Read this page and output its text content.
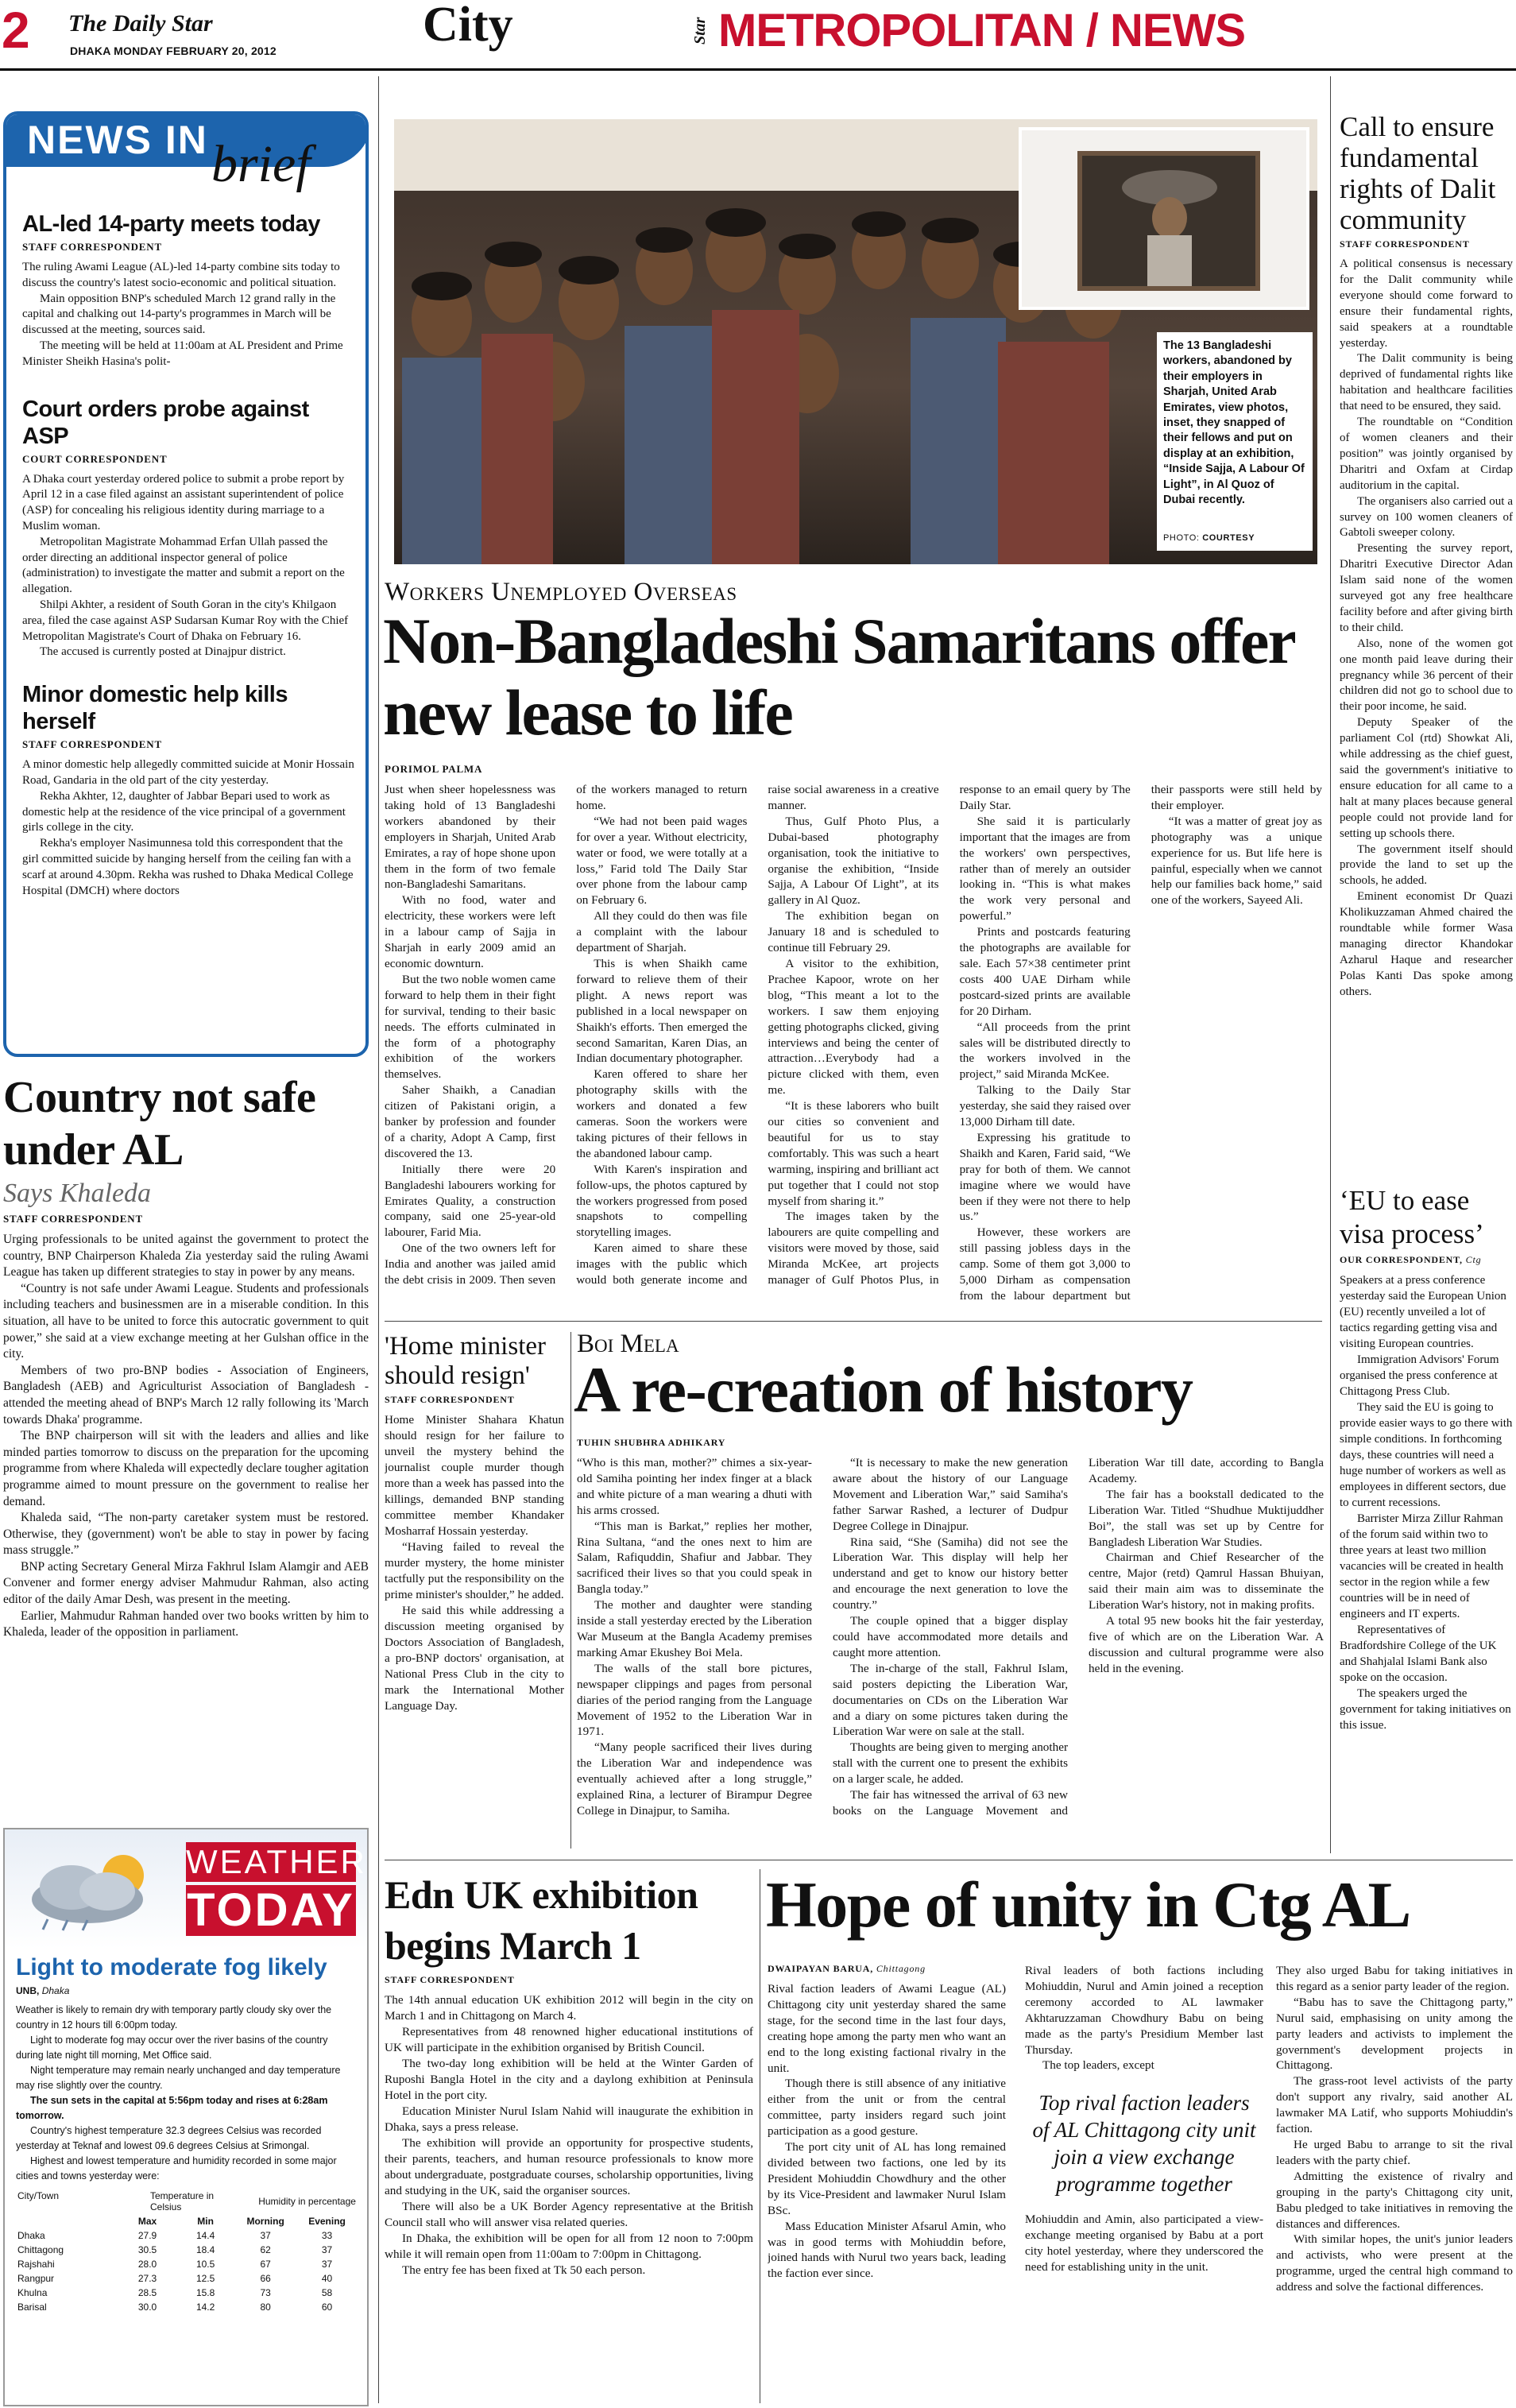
2 The Daily Star
DHAKA MONDAY FEBRUARY 20, 2012	City	Star METROPOLITAN / NEWS
NEWS IN brief
AL-led 14-party meets today
STAFF CORRESPONDENT

The ruling Awami League (AL)-led 14-party combine sits today to discuss the country's latest socio-economic and political situation.

Main opposition BNP's scheduled March 12 grand rally in the capital and chalking out 14-party's programmes in March will be discussed at the meeting, sources said.

The meeting will be held at 11:00am at AL President and Prime Minister Sheikh Hasina's polit-

Court orders probe against ASP
COURT CORRESPONDENT

A Dhaka court yesterday ordered police to submit a probe report by April 12 in a case filed against an assistant superintendent of police (ASP) for concealing his religious identity during marriage to a Muslim woman.

Metropolitan Magistrate Mohammad Erfan Ullah passed the order directing an additional inspector general of police (administration) to investigate the matter and submit a report on the allegation.

Shilpi Akhter, a resident of South Goran in the city's Khilgaon area, filed the case against ASP Sudarsan Kumar Roy with the Chief Metropolitan Magistrate's Court of Dhaka on February 16.

The accused is currently posted at Dinajpur district.

Minor domestic help kills herself
STAFF CORRESPONDENT

A minor domestic help allegedly committed suicide at Monir Hossain Road, Gandaria in the old part of the city yesterday.

Rekha Akhter, 12, daughter of Jabbar Bepari used to work as domestic help at the residence of the vice principal of a government girls college in the city.

Rekha's employer Nasimunnesa told this correspondent that the girl committed suicide by hanging herself from the ceiling fan with a scarf at around 4.30pm. Rekha was rushed to Dhaka Medical College Hospital (DMCH) where doctors

Country not safe under AL
Says Khaleda
STAFF CORRESPONDENT

Urging professionals to be united against the government to protect the country, BNP Chairperson Khaleda Zia yesterday said the ruling Awami League has taken up different strategies to stay in power by any means.

“Country is not safe under Awami League. Students and professionals including teachers and businessmen are in a miserable condition. In this situation, all have to be united to force this autocratic government to quit power,” she said at a view exchange meeting at her Gulshan office in the city.

Members of two pro-BNP bodies - Association of Engineers, Bangladesh (AEB) and Agriculturist Association of Bangladesh - attended the meeting ahead of BNP's March 12 rally following its 'March towards Dhaka' programme.

The BNP chairperson will sit with the leaders and allies and like minded parties tomorrow to discuss on the preparation for the upcoming programme from where Khaleda will expectedly declare tougher agitation programme aimed to mount pressure on the government to realise her demand.

Khaleda said, “The non-party caretaker system must be restored. Otherwise, they (government) won't be able to stay in power by facing mass struggle.”

BNP acting Secretary General Mirza Fakhrul Islam Alamgir and AEB Convener and former energy adviser Mahmudur Rahman, also acting editor of the daily Amar Desh, was present in the meeting.

Earlier, Mahmudur Rahman handed over two books written by him to Khaleda, leader of the opposition in parliament.

WEATHER
TODAY
Light to moderate fog likely
UNB, Dhaka

Weather is likely to remain dry with temporary partly cloudy sky over the country in 12 hours till 6:00pm today.

Light to moderate fog may occur over the river basins of the country during late night till morning, Met Office said.

Night temperature may remain nearly unchanged and day temperature may rise slightly over the country.

The sun sets in the capital at 5:56pm today and rises at 6:28am tomorrow.

Country's highest temperature 32.3 degrees Celsius was recorded yesterday at Teknaf and lowest 09.6 degrees Celsius at Srimongal.

Highest and lowest temperature and humidity recorded in some major cities and towns yesterday were:

City/Town	Temperature in Celsius		Humidity in percentage	
	Max	Min	Morning	Evening
Dhaka	27.9	14.4	37	33
Chittagong	30.5	18.4	62	37
Rajshahi	28.0	10.5	67	37
Rangpur	27.3	12.5	66	40
Khulna	28.5	15.8	73	58
Barisal	30.0	14.2	80	60
The 13 Bangladeshi workers, abandoned by their employers in Sharjah, United Arab Emirates, view photos, inset, they snapped of their fellows and put on display at an exhibition, “Inside Sajja, A Labour Of Light”, in Al Quoz of Dubai recently.
PHOTO: COURTESY
Workers Unemployed Overseas
Non-Bangladeshi Samaritans offer new lease to life
PORIMOL PALMA

Just when sheer hopelessness was taking hold of 13 Bangladeshi workers abandoned by their employers in Sharjah, United Arab Emirates, a ray of hope shone upon them in the form of two female non-Bangladeshi Samaritans.

With no food, water and electricity, these workers were left in a labour camp of Sajja in Sharjah in early 2009 amid an economic downturn.

But the two noble women came forward to help them in their fight for survival, tending to their basic needs. The efforts culminated in the form of a photography exhibition of the workers themselves.

Saher Shaikh, a Canadian citizen of Pakistani origin, a banker by profession and founder of a charity, Adopt A Camp, first discovered the 13.

Initially there were 20 Bangladeshi labourers working for Emirates Quality, a construction company, said one 25-year-old labourer, Farid Mia.

One of the two owners left for India and another was jailed amid the debt crisis in 2009. Then seven of the workers managed to return home.

“We had not been paid wages for over a year. Without electricity, water or food, we were totally at a loss,” Farid told The Daily Star over phone from the labour camp on February 6.

All they could do then was file a complaint with the labour department of Sharjah.

This is when Shaikh came forward to relieve them of their plight. A news report was published in a local newspaper on Shaikh's efforts. Then emerged the second Samaritan, Karen Dias, an Indian documentary photographer.

Karen offered to share her photography skills with the workers and donated a few cameras. Soon the workers were taking pictures of their fellows in the abandoned labour camp.

With Karen's inspiration and follow-ups, the photos captured by the workers progressed from posed snapshots to compelling storytelling images.

Karen aimed to share these images with the public which would both generate income and raise social awareness in a creative manner.

Thus, Gulf Photo Plus, a Dubai-based photography organisation, took the initiative to organise the exhibition, “Inside Sajja, A Labour Of Light”, at its gallery in Al Quoz.

The exhibition began on January 18 and is scheduled to continue till February 29.

A visitor to the exhibition, Prachee Kapoor, wrote on her blog, “This meant a lot to the workers. I saw them enjoying getting photographs clicked, giving interviews and being the center of attraction…Everybody had a picture clicked with them, even me.

“It is these laborers who built our cities so convenient and beautiful for us to stay comfortably. This was such a heart warming, inspiring and brilliant act put together that I could not stop myself from sharing it.”

The images taken by the labourers are quite compelling and visitors were moved by those, said Miranda McKee, art projects manager of Gulf Photos Plus, in response to an email query by The Daily Star.

She said it is particularly important that the images are from the workers' own perspectives, rather than of merely an outsider looking in. “This is what makes the work very personal and powerful.”

Prints and postcards featuring the photographs are available for sale. Each 57×38 centimeter print costs 400 UAE Dirham while postcard-sized prints are available for 20 Dirham.

“All proceeds from the print sales will be distributed directly to the workers involved in the project,” said Miranda McKee.

Talking to the Daily Star yesterday, she said they raised over 13,000 Dirham till date.

Expressing his gratitude to Shaikh and Karen, Farid said, “We pray for both of them. We cannot imagine where we would have been if they were not there to help us.”

However, these workers are still passing jobless days in the camp. Some of them got 3,000 to 5,000 Dirham as compensation from the labour department but their passports were still held by their employer.

“It was a matter of great joy as photography was a unique experience for us. But life here is painful, especially when we cannot help our families back home,” said one of the workers, Sayeed Ali.

Call to ensure fundamental rights of Dalit community
STAFF CORRESPONDENT

A political consensus is necessary for the Dalit community while everyone should come forward to ensure their fundamental rights, said speakers at a roundtable yesterday.

The Dalit community is being deprived of fundamental rights like habitation and healthcare facilities that need to be ensured, they said.

The roundtable on “Condition of women cleaners and their position” was jointly organised by Dharitri and Oxfam at Cirdap auditorium in the capital.

The organisers also carried out a survey on 100 women cleaners of Gabtoli sweeper colony.

Presenting the survey report, Dharitri Executive Director Adan Islam said none of the women surveyed got any free healthcare facility before and after giving birth to their child.

Also, none of the women got one month paid leave during their pregnancy while 36 percent of their children did not go to school due to their poor income, he said.

Deputy Speaker of the parliament Col (rtd) Showkat Ali, while addressing as the chief guest, said the government's initiative to ensure education for all came to a halt at many places because general people could not provide land for setting up schools there.

The government itself should provide the land to set up the schools, he added.

Eminent economist Dr Quazi Kholikuzzaman Ahmed chaired the roundtable while former Wasa managing director Khandokar Azharul Haque and researcher Polas Kanti Das spoke among others.

‘EU to ease visa process’
OUR CORRESPONDENT, Ctg

Speakers at a press conference yesterday said the European Union (EU) recently unveiled a lot of tactics regarding getting visa and visiting European countries.

Immigration Advisors' Forum organised the press conference at Chittagong Press Club.

They said the EU is going to provide easier ways to go there with simple conditions. In forthcoming days, these countries will need a huge number of workers as well as employees in different sectors, due to current recessions.

Barrister Mirza Zillur Rahman of the forum said within two to three years at least two million vacancies will be created in health sector in the region while a few countries will be in need of engineers and IT experts.

Representatives of Bradfordshire College of the UK and Shahjalal Islami Bank also spoke on the occasion.

The speakers urged the government for taking initiatives on this issue.

'Home minister should resign'
STAFF CORRESPONDENT

Home Minister Shahara Khatun should resign for her failure to unveil the mystery behind the journalist couple murder though more than a week has passed into the killings, demanded BNP standing committee member Khandaker Mosharraf Hossain yesterday.

“Having failed to reveal the murder mystery, the home minister tactfully put the responsibility on the prime minister's shoulder,” he added.

He said this while addressing a discussion meeting organised by Doctors Association of Bangladesh, a pro-BNP doctors' organisation, at National Press Club in the city to mark the International Mother Language Day.

Boi Mela
A re-creation of history
TUHIN SHUBHRA ADHIKARY

“Who is this man, mother?” chimes a six-year-old Samiha pointing her index finger at a black and white picture of a man wearing a dhuti with his arms crossed.

“This man is Barkat,” replies her mother, Rina Sultana, “and the ones next to him are Salam, Rafiquddin, Shafiur and Jabbar. They sacrificed their lives so that you could speak in Bangla today.”

The mother and daughter were standing inside a stall yesterday erected by the Liberation War Museum at the Bangla Academy premises marking Amar Ekushey Boi Mela.

The walls of the stall bore pictures, newspaper clippings and pages from personal diaries of the period ranging from the Language Movement of 1952 to the Liberation War in 1971.

“Many people sacrificed their lives during the Liberation War and independence was eventually achieved after a long struggle,” explained Rina, a lecturer of Birampur Degree College in Dinajpur, to Samiha.

“It is necessary to make the new generation aware about the history of our Language Movement and Liberation War,” said Samiha's father Sarwar Rashed, a lecturer of Dudpur Degree College in Dinajpur.

Rina said, “She (Samiha) did not see the Liberation War. This display will help her understand and get to know our history better and encourage the next generation to love the country.”

The couple opined that a bigger display could have accommodated more details and caught more attention.

The in-charge of the stall, Fakhrul Islam, said posters depicting the Liberation War, documentaries on CDs on the Liberation War and a diary on some pictures taken during the Liberation War were on sale at the stall.

Thoughts are being given to merging another stall with the current one to present the exhibits on a larger scale, he added.

The fair has witnessed the arrival of 63 new books on the Language Movement and Liberation War till date, according to Bangla Academy.

The fair has a bookstall dedicated to the Liberation War. Titled “Shudhue Muktijuddher Boi”, the stall was set up by Centre for Bangladesh Liberation War Studies.

Chairman and Chief Researcher of the centre, Major (retd) Qamrul Hassan Bhuiyan, said their main aim was to disseminate the Liberation War's history, not in making profits.

A total 95 new books hit the fair yesterday, five of which are on the Liberation War. A discussion and cultural programme were also held in the evening.

Edn UK exhibition begins March 1
STAFF CORRESPONDENT

The 14th annual education UK exhibition 2012 will begin in the city on March 1 and in Chittagong on March 4.

Representatives from 48 renowned higher educational institutions of UK will participate in the exhibition organised by British Council.

The two-day long exhibition will be held at the Winter Garden of Ruposhi Bangla Hotel in the city and a daylong exhibition at Peninsula Hotel in the port city.

Education Minister Nurul Islam Nahid will inaugurate the exhibition in Dhaka, says a press release.

The exhibition will provide an opportunity for prospective students, their parents, teachers, and human resource professionals to know more about undergraduate, postgraduate courses, scholarship opportunities, living and studying in the UK, said the organiser sources.

There will also be a UK Border Agency representative at the British Council stall who will answer visa related queries.

In Dhaka, the exhibition will be open for all from 12 noon to 7:00pm while it will remain open from 11:00am to 7:00pm in Chittagong.

The entry fee has been fixed at Tk 50 each person.

Hope of unity in Ctg AL
DWAIPAYAN BARUA, Chittagong

Rival faction leaders of Awami League (AL) Chittagong city unit yesterday shared the same stage, for the second time in the last four days, creating hope among the party men who want an end to the long existing factional rivalry in the unit.

Though there is still absence of any initiative either from the unit or from the central committee, party insiders regard such joint participation as a good gesture.

The port city unit of AL has long remained divided between two factions, one led by its President Mohiuddin Chowdhury and the other by its Vice-President and lawmaker Nurul Islam BSc.

Mass Education Minister Afsarul Amin, who was in good terms with Mohiuddin before, joined hands with Nurul two years back, leading the faction ever since.

Rival leaders of both factions including Mohiuddin, Nurul and Amin joined a reception ceremony accorded to AL lawmaker Akhtaruzzaman Chowdhury Babu on being made as the party's Presidium Member last Thursday.

The top leaders, except

Top rival faction leaders of AL Chittagong city unit join a view exchange programme together

Mohiuddin and Amin, also participated a view-exchange meeting organised by Babu at a port city hotel yesterday, where they underscored the need for establishing unity in the unit.

They also urged Babu for taking initiatives in this regard as a senior party leader of the region.

“Babu has to save the Chittagong party,” Nurul said, emphasising on unity among the party leaders and activists to implement the government's development projects in Chittagong.

The grass-root level activists of the party don't support any rivalry, said another AL lawmaker MA Latif, who supports Mohiuddin's faction.

He urged Babu to arrange to sit the rival leaders with the party chief.

Admitting the existence of rivalry and grouping in the party's Chittagong city unit, Babu pledged to take initiatives in removing the distances and differences.

With similar hopes, the unit's junior leaders and activists, who were present at the programme, urged the central high command to address and solve the factional differences.
